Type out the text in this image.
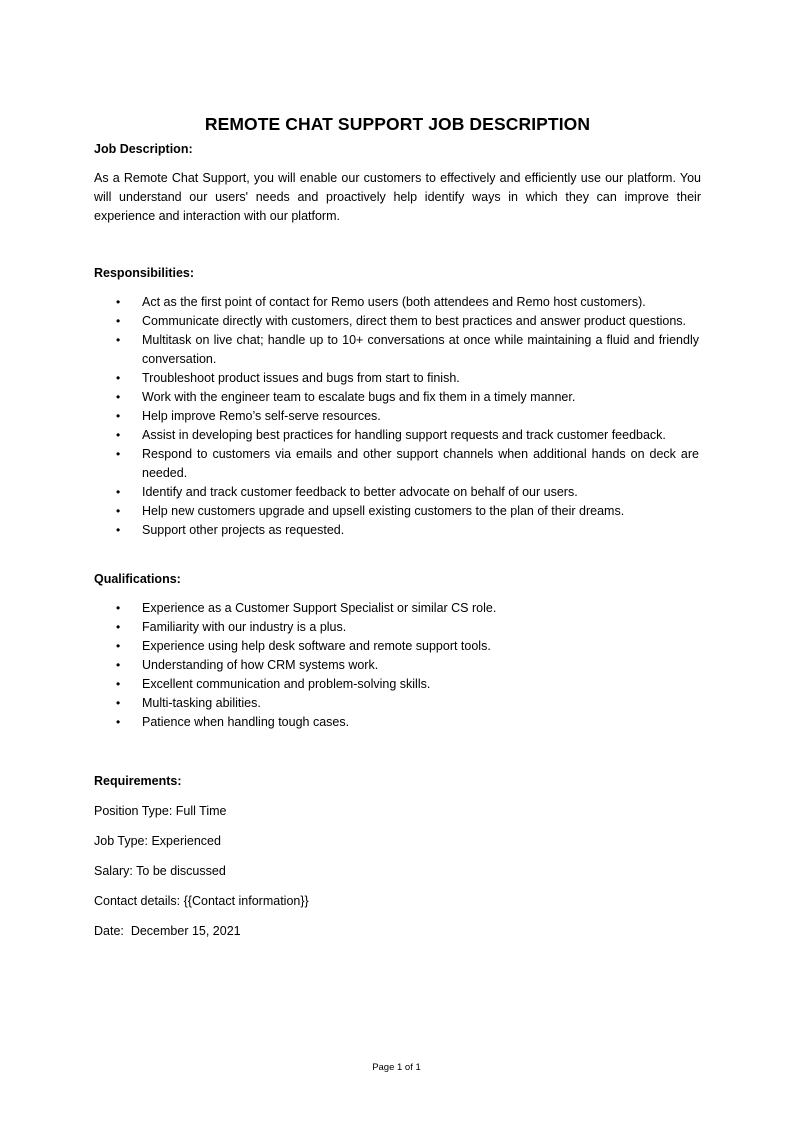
REMOTE CHAT SUPPORT JOB DESCRIPTION

Job Description:

As a Remote Chat Support, you will enable our customers to effectively and efficiently use our platform. You will understand our users' needs and proactively help identify ways in which they can improve their experience and interaction with our platform.

Responsibilities:

• Act as the first point of contact for Remo users (both attendees and Remo host customers).
• Communicate directly with customers, direct them to best practices and answer product questions.
• Multitask on live chat; handle up to 10+ conversations at once while maintaining a fluid and friendly conversation.
• Troubleshoot product issues and bugs from start to finish.
• Work with the engineer team to escalate bugs and fix them in a timely manner.
• Help improve Remo’s self-serve resources.
• Assist in developing best practices for handling support requests and track customer feedback.
• Respond to customers via emails and other support channels when additional hands on deck are needed.
• Identify and track customer feedback to better advocate on behalf of our users.
• Help new customers upgrade and upsell existing customers to the plan of their dreams.
• Support other projects as requested.

Qualifications:

• Experience as a Customer Support Specialist or similar CS role.
• Familiarity with our industry is a plus.
• Experience using help desk software and remote support tools.
• Understanding of how CRM systems work.
• Excellent communication and problem-solving skills.
• Multi-tasking abilities.
• Patience when handling tough cases.

Requirements:

Position Type: Full Time

Job Type: Experienced

Salary: To be discussed

Contact details: {{Contact information}}

Date:  December 15, 2021

Page 1 of 1
